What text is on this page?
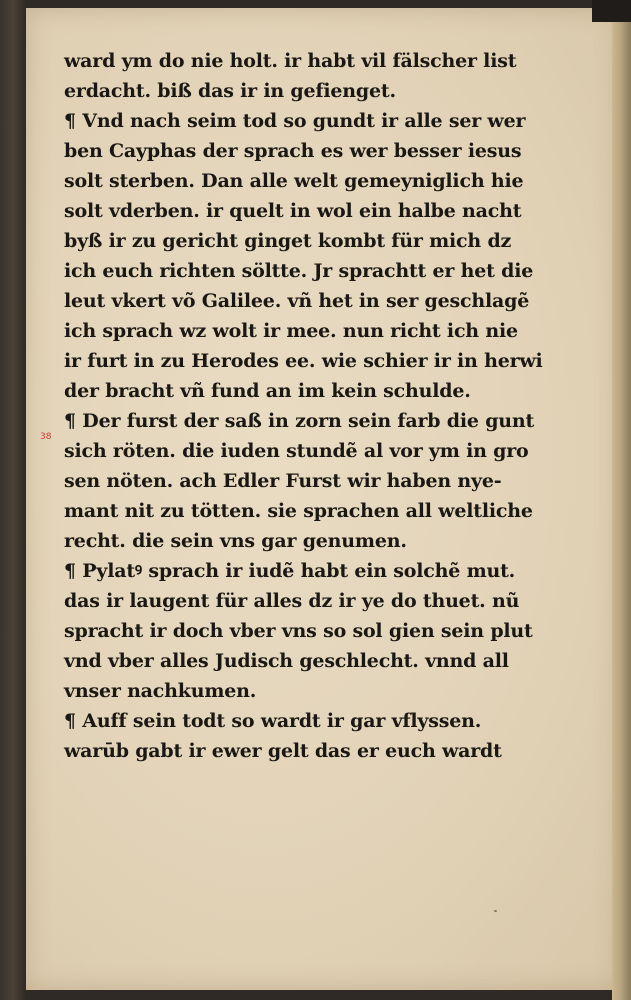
38
ward ym do nie holt. ir habt vil fälscher list
erdacht. biß das ir in gefienget.
¶ Vnd nach seim tod so gundt ir alle ser wer
ben Cayphas der sprach es wer besser iesus
solt sterben. Dan alle welt gemeyniglich hie
solt vderben. ir quelt in wol ein halbe nacht
byß ir zu gericht ginget kombt für mich dz
ich euch richten söltte. Jr sprachtt er het die
leut vkert võ Galilee. vñ het in ser geschlagẽ
ich sprach wz wolt ir mee. nun richt ich nie
ir furt in zu Herodes ee. wie schier ir in herwi
der bracht vñ fund an im kein schulde.
¶ Der furst der saß in zorn sein farb die gunt
sich röten. die iuden stundẽ al vor ym in gro
sen nöten. ach Edler Furst wir haben nye-
mant nit zu tötten. sie sprachen all weltliche
recht. die sein vns gar genumen.
¶ Pylatꝰ sprach ir iudẽ habt ein solchẽ mut.
das ir laugent für alles dz ir ye do thuet. nũ
spracht ir doch vber vns so sol gien sein plut
vnd vber alles Judisch geschlecht. vnnd all
vnser nachkumen.
¶ Auff sein todt so wardt ir gar vflyssen.
warūb gabt ir ewer gelt das er euch wardt
